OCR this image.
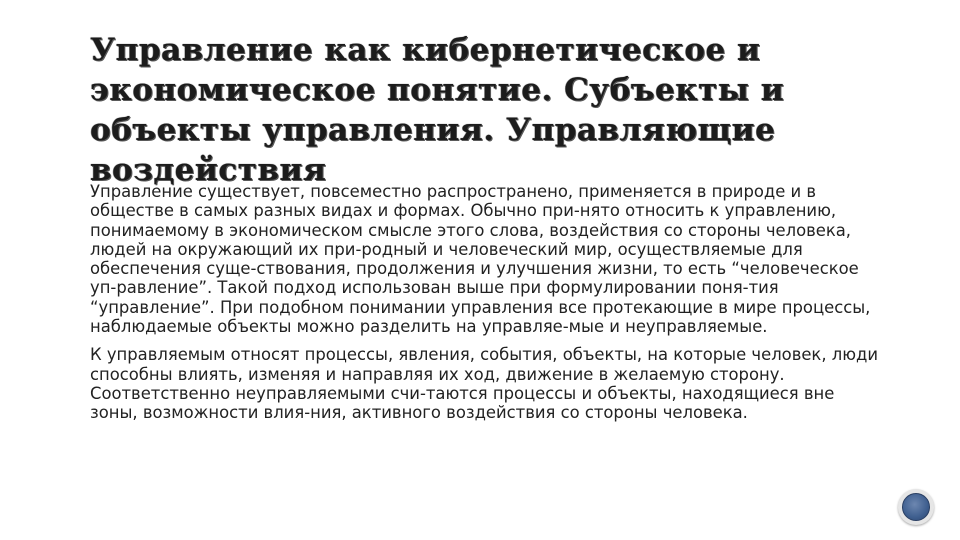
Управление как кибернетическое и экономическое понятие. Субъекты и объекты управления. Управляющие воздействия

Управление существует, повсеместно распространено, применяется в природе и в обществе в самых разных видах и формах. Обычно при-нято относить к управлению, понимаемому в экономическом смысле этого слова, воздействия со стороны человека, людей на окружающий их при-родный и человеческий мир, осуществляемые для обеспечения суще-ствования, продолжения и улучшения жизни, то есть “человеческое уп-равление”. Такой подход использован выше при формулировании поня-тия “управление”. При подобном понимании управления все протекающие в мире процессы, наблюдаемые объекты можно разделить на управляе-мые и неуправляемые.

К управляемым относят процессы, явления, события, объекты, на которые человек, люди способны влиять, изменяя и направляя их ход, движение в желаемую сторону. Соответственно неуправляемыми счи-таются процессы и объекты, находящиеся вне зоны, возможности влия-ния, активного воздействия со стороны человека.
